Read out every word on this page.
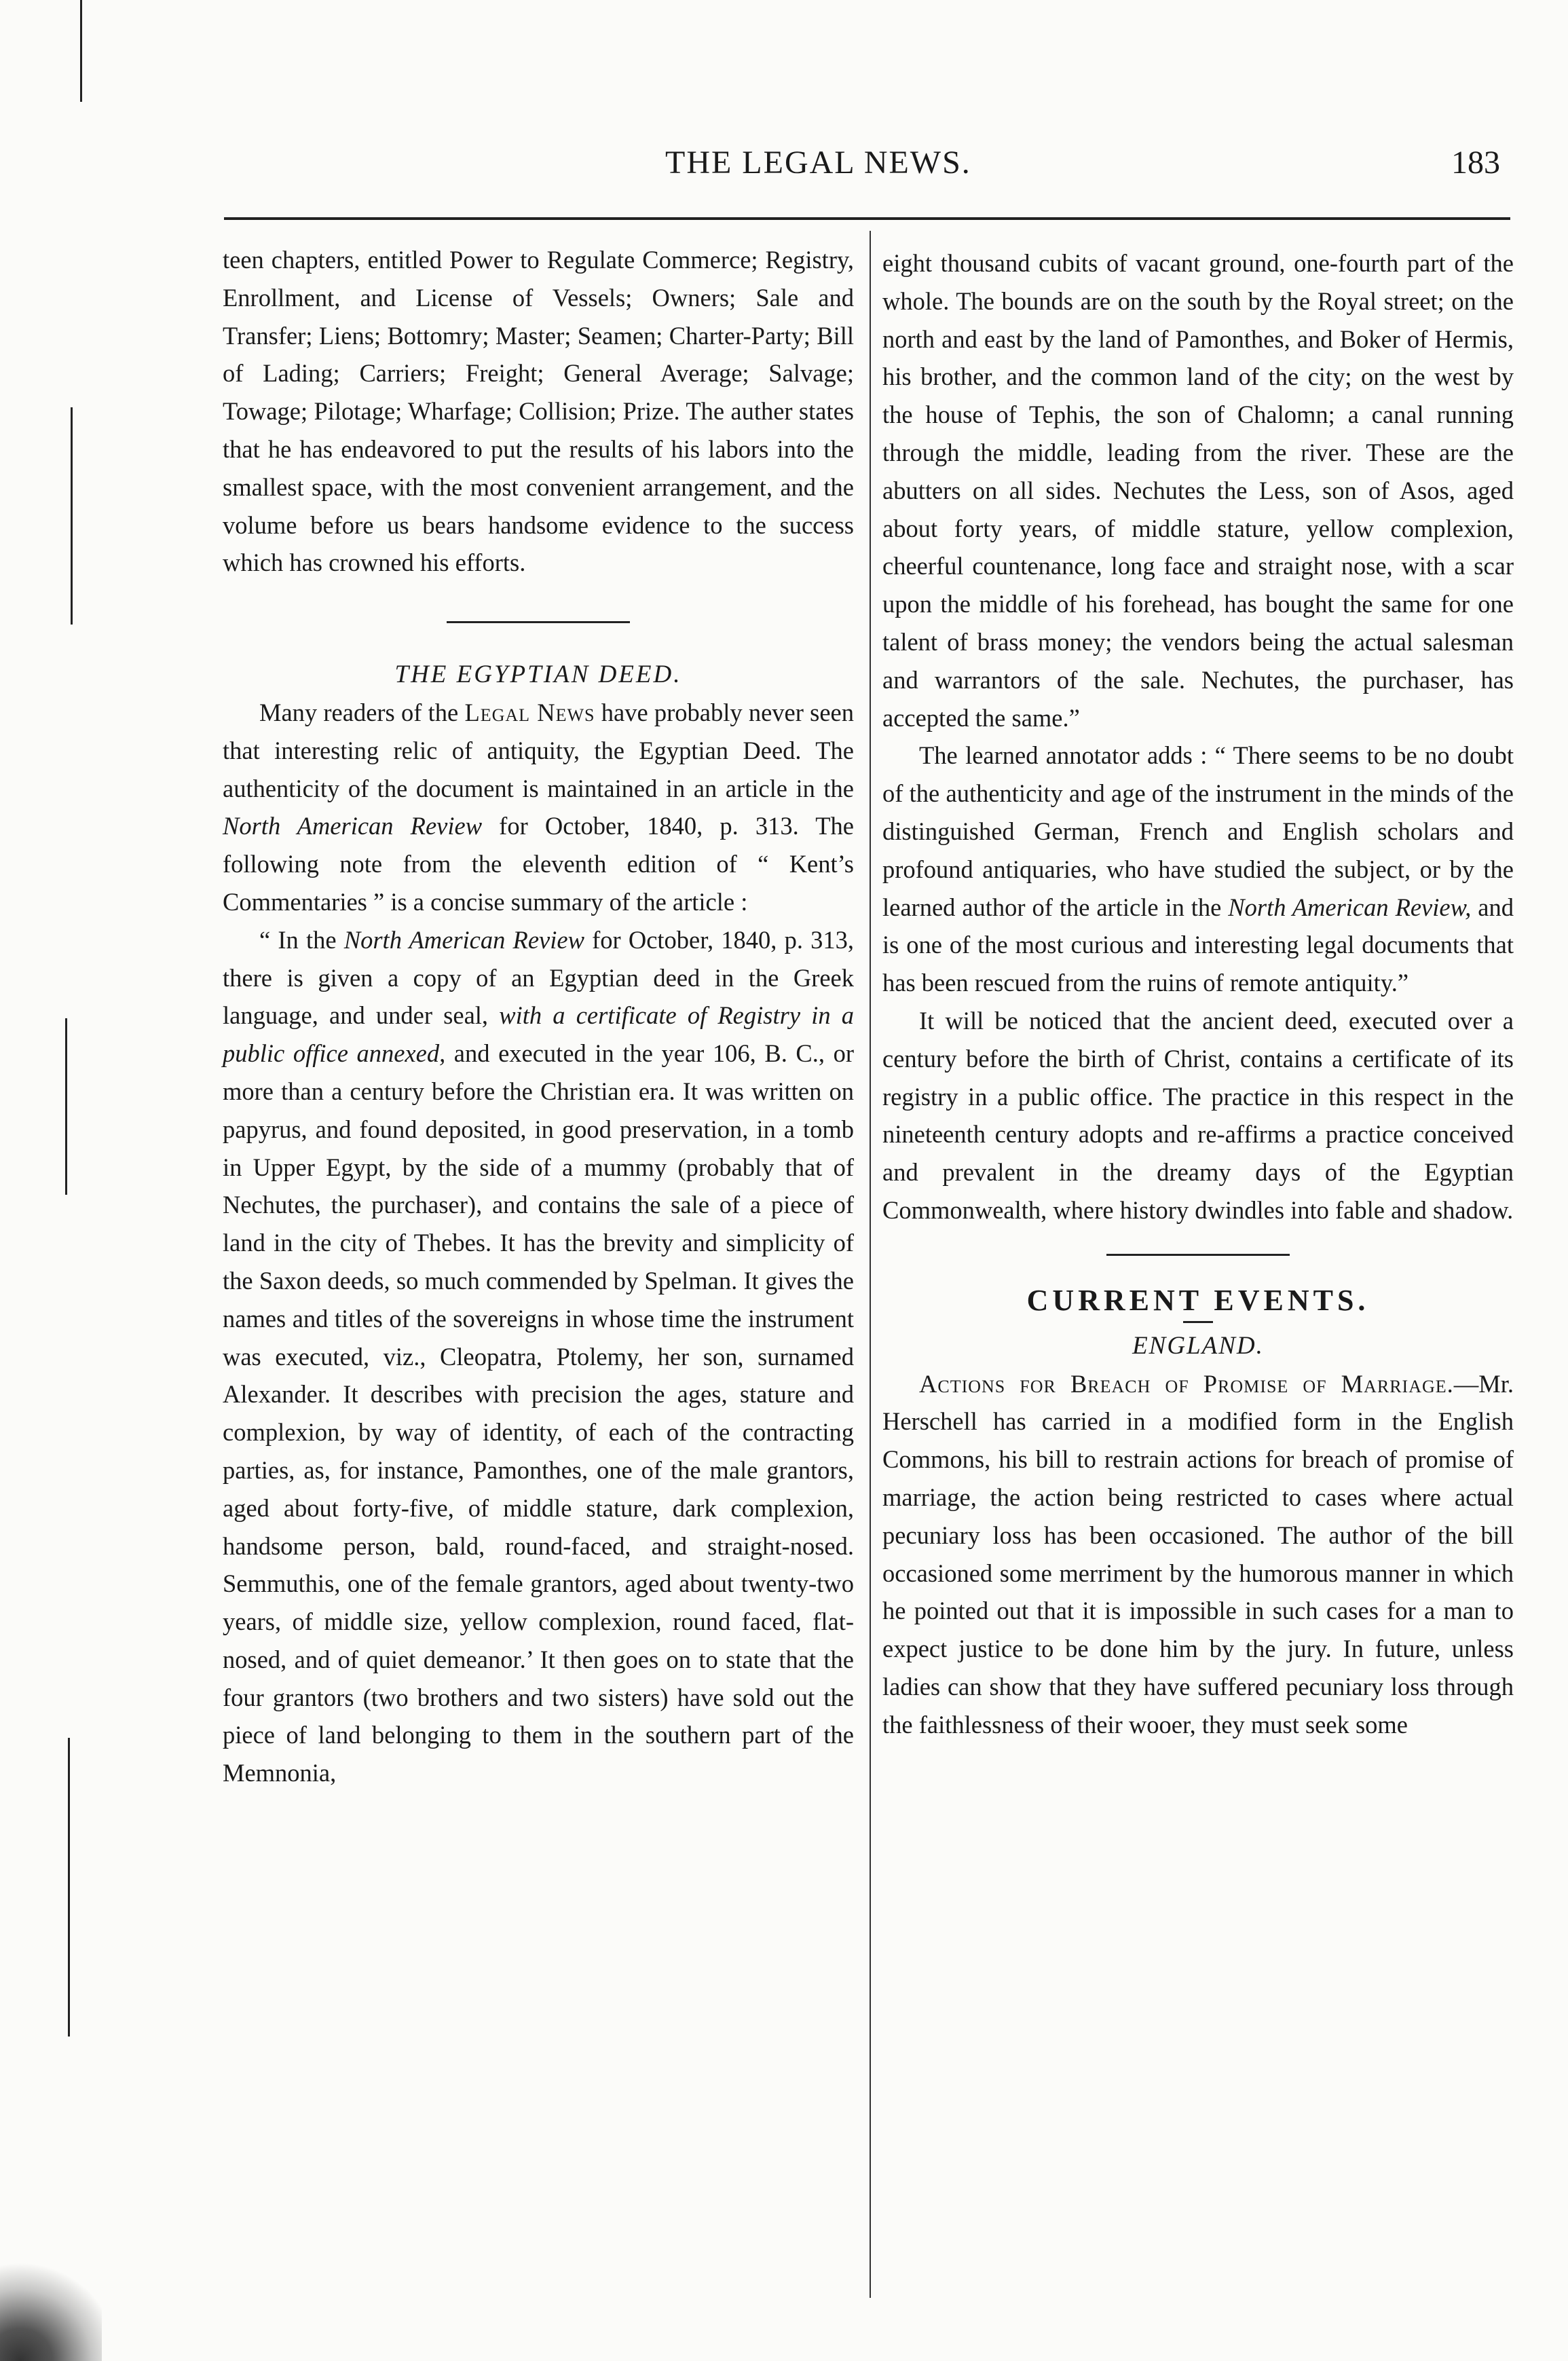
THE LEGAL NEWS.	183

teen chapters, entitled Power to Regulate Commerce; Registry, Enrollment, and License of Vessels; Owners; Sale and Transfer; Liens; Bottomry; Master; Seamen; Charter-Party; Bill of Lading; Carriers; Freight; General Average; Salvage; Towage; Pilotage; Wharfage; Collision; Prize. The auther states that he has endeavored to put the results of his labors into the smallest space, with the most convenient arrangement, and the volume before us bears handsome evidence to the success which has crowned his efforts.

THE EGYPTIAN DEED.

Many readers of the Legal News have probably never seen that interesting relic of antiquity, the Egyptian Deed. The authenticity of the document is maintained in an article in the North American Review for October, 1840, p. 313. The following note from the eleventh edition of “ Kent’s Commentaries ” is a concise summary of the article :

“ In the North American Review for October, 1840, p. 313, there is given a copy of an Egyptian deed in the Greek language, and under seal, with a certificate of Registry in a public office annexed, and executed in the year 106, B. C., or more than a century before the Christian era. It was written on papyrus, and found deposited, in good preservation, in a tomb in Upper Egypt, by the side of a mummy (probably that of Nechutes, the purchaser), and contains the sale of a piece of land in the city of Thebes. It has the brevity and simplicity of the Saxon deeds, so much commended by Spelman. It gives the names and titles of the sovereigns in whose time the instrument was executed, viz., Cleopatra, Ptolemy, her son, surnamed Alexander. It describes with precision the ages, stature and complexion, by way of identity, of each of the contracting parties, as, for instance, Pamonthes, one of the male grantors, aged about forty-five, of middle stature, dark complexion, handsome person, bald, round-faced, and straight-nosed. Semmuthis, one of the female grantors, aged about twenty-two years, of middle size, yellow complexion, round faced, flat-nosed, and of quiet demeanor.’ It then goes on to state that the four grantors (two brothers and two sisters) have sold out the piece of land belonging to them in the southern part of the Memnonia,

eight thousand cubits of vacant ground, one-fourth part of the whole. The bounds are on the south by the Royal street; on the north and east by the land of Pamonthes, and Boker of Hermis, his brother, and the common land of the city; on the west by the house of Tephis, the son of Chalomn; a canal running through the middle, leading from the river. These are the abutters on all sides. Nechutes the Less, son of Asos, aged about forty years, of middle stature, yellow complexion, cheerful countenance, long face and straight nose, with a scar upon the middle of his forehead, has bought the same for one talent of brass money; the vendors being the actual salesman and warrantors of the sale. Nechutes, the purchaser, has accepted the same.”

The learned annotator adds : “ There seems to be no doubt of the authenticity and age of the instrument in the minds of the distinguished German, French and English scholars and profound antiquaries, who have studied the subject, or by the learned author of the article in the North American Review, and is one of the most curious and interesting legal documents that has been rescued from the ruins of remote antiquity.”

It will be noticed that the ancient deed, executed over a century before the birth of Christ, contains a certificate of its registry in a public office. The practice in this respect in the nineteenth century adopts and re-affirms a practice conceived and prevalent in the dreamy days of the Egyptian Commonwealth, where history dwindles into fable and shadow.

CURRENT EVENTS.

ENGLAND.

Actions for Breach of Promise of Marriage.—Mr. Herschell has carried in a modified form in the English Commons, his bill to restrain actions for breach of promise of marriage, the action being restricted to cases where actual pecuniary loss has been occasioned. The author of the bill occasioned some merriment by the humorous manner in which he pointed out that it is impossible in such cases for a man to expect justice to be done him by the jury. In future, unless ladies can show that they have suffered pecuniary loss through the faithlessness of their wooer, they must seek some
